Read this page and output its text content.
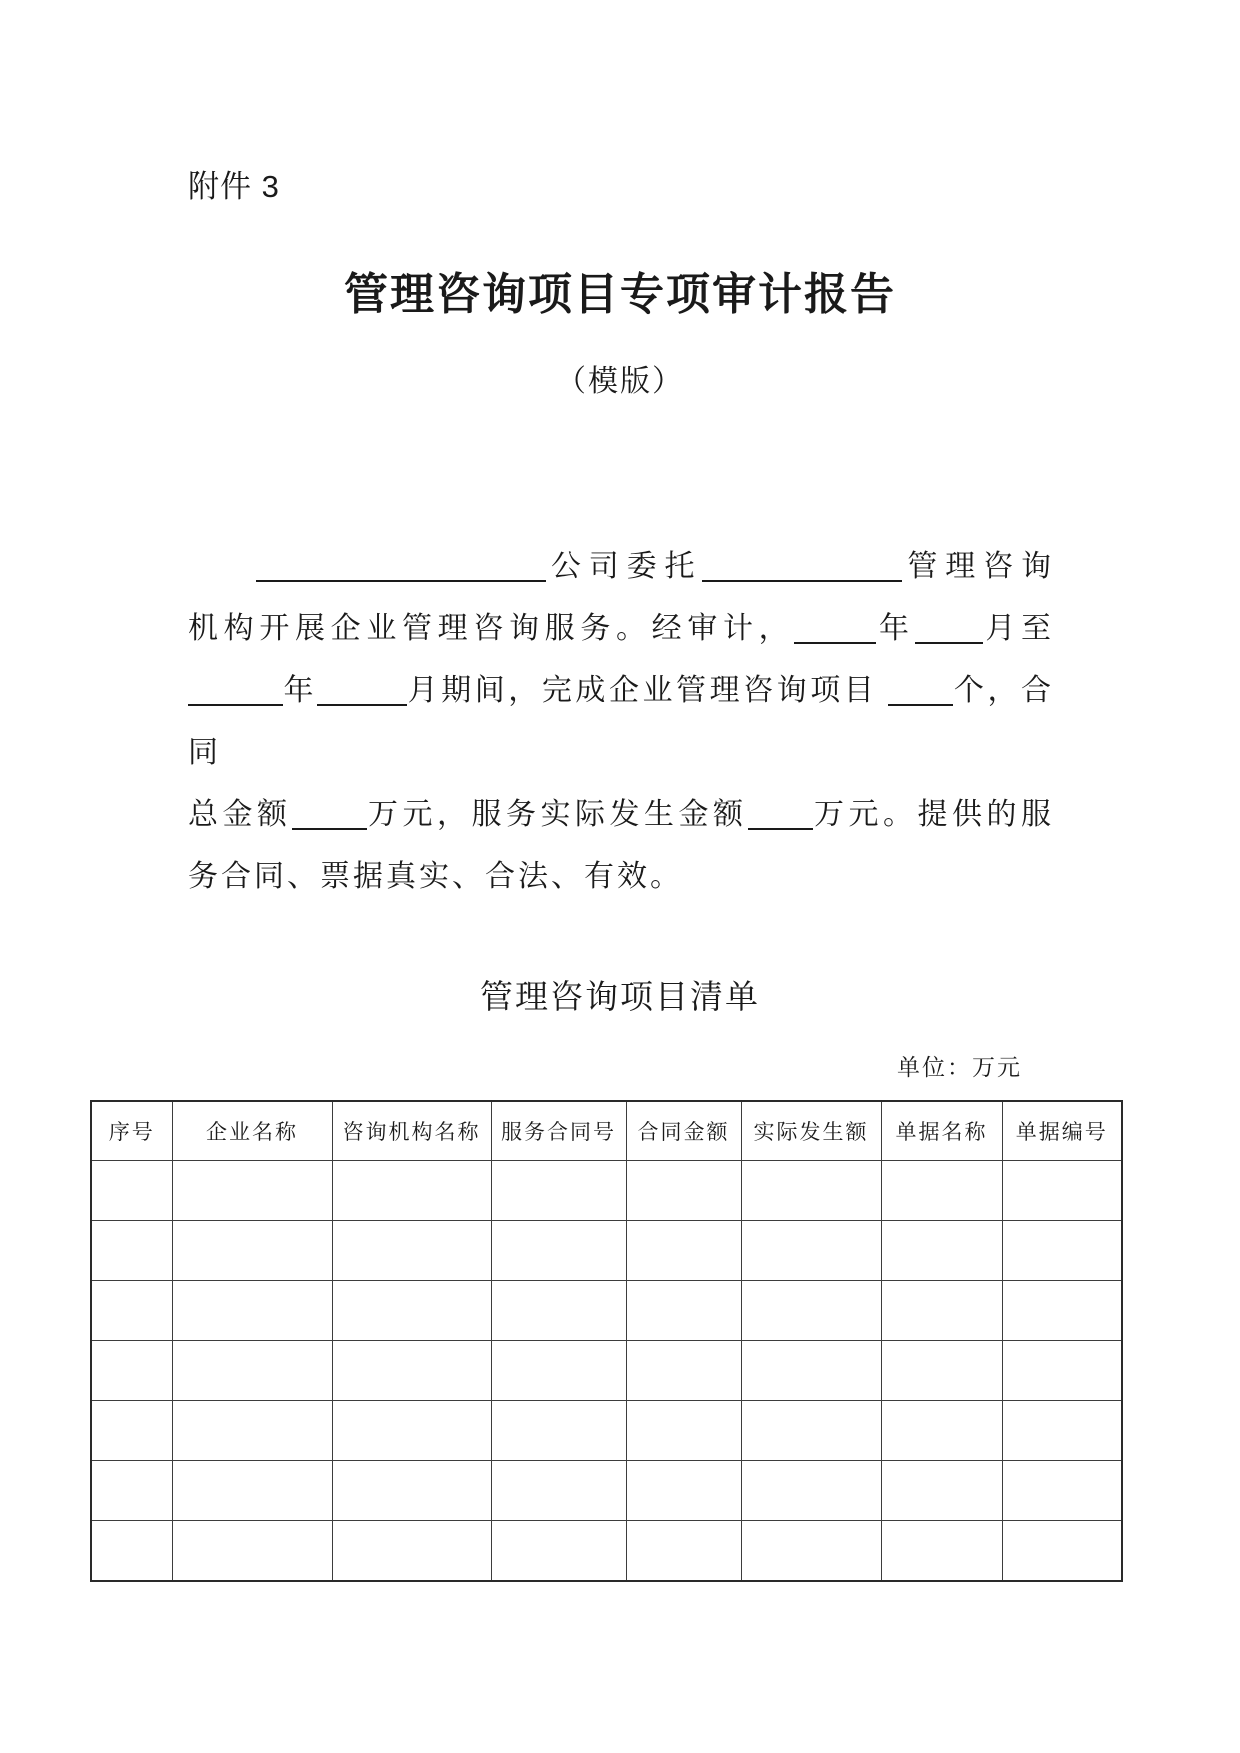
附件 3
管理咨询项目专项审计报告
（模版）
公司委托	管理咨询
机构开展企业管理咨询服务。经审计，	年 月至
年	月期间，完成企业管理咨询项目 个，合同
总金额	万元，服务实际发生金额 万元。提供的服
务合同、票据真实、合法、有效。
管理咨询项目清单
单位：万元
序号	企业名称	咨询机构名称	服务合同号	合同金额	实际发生额	单据名称	单据编号
